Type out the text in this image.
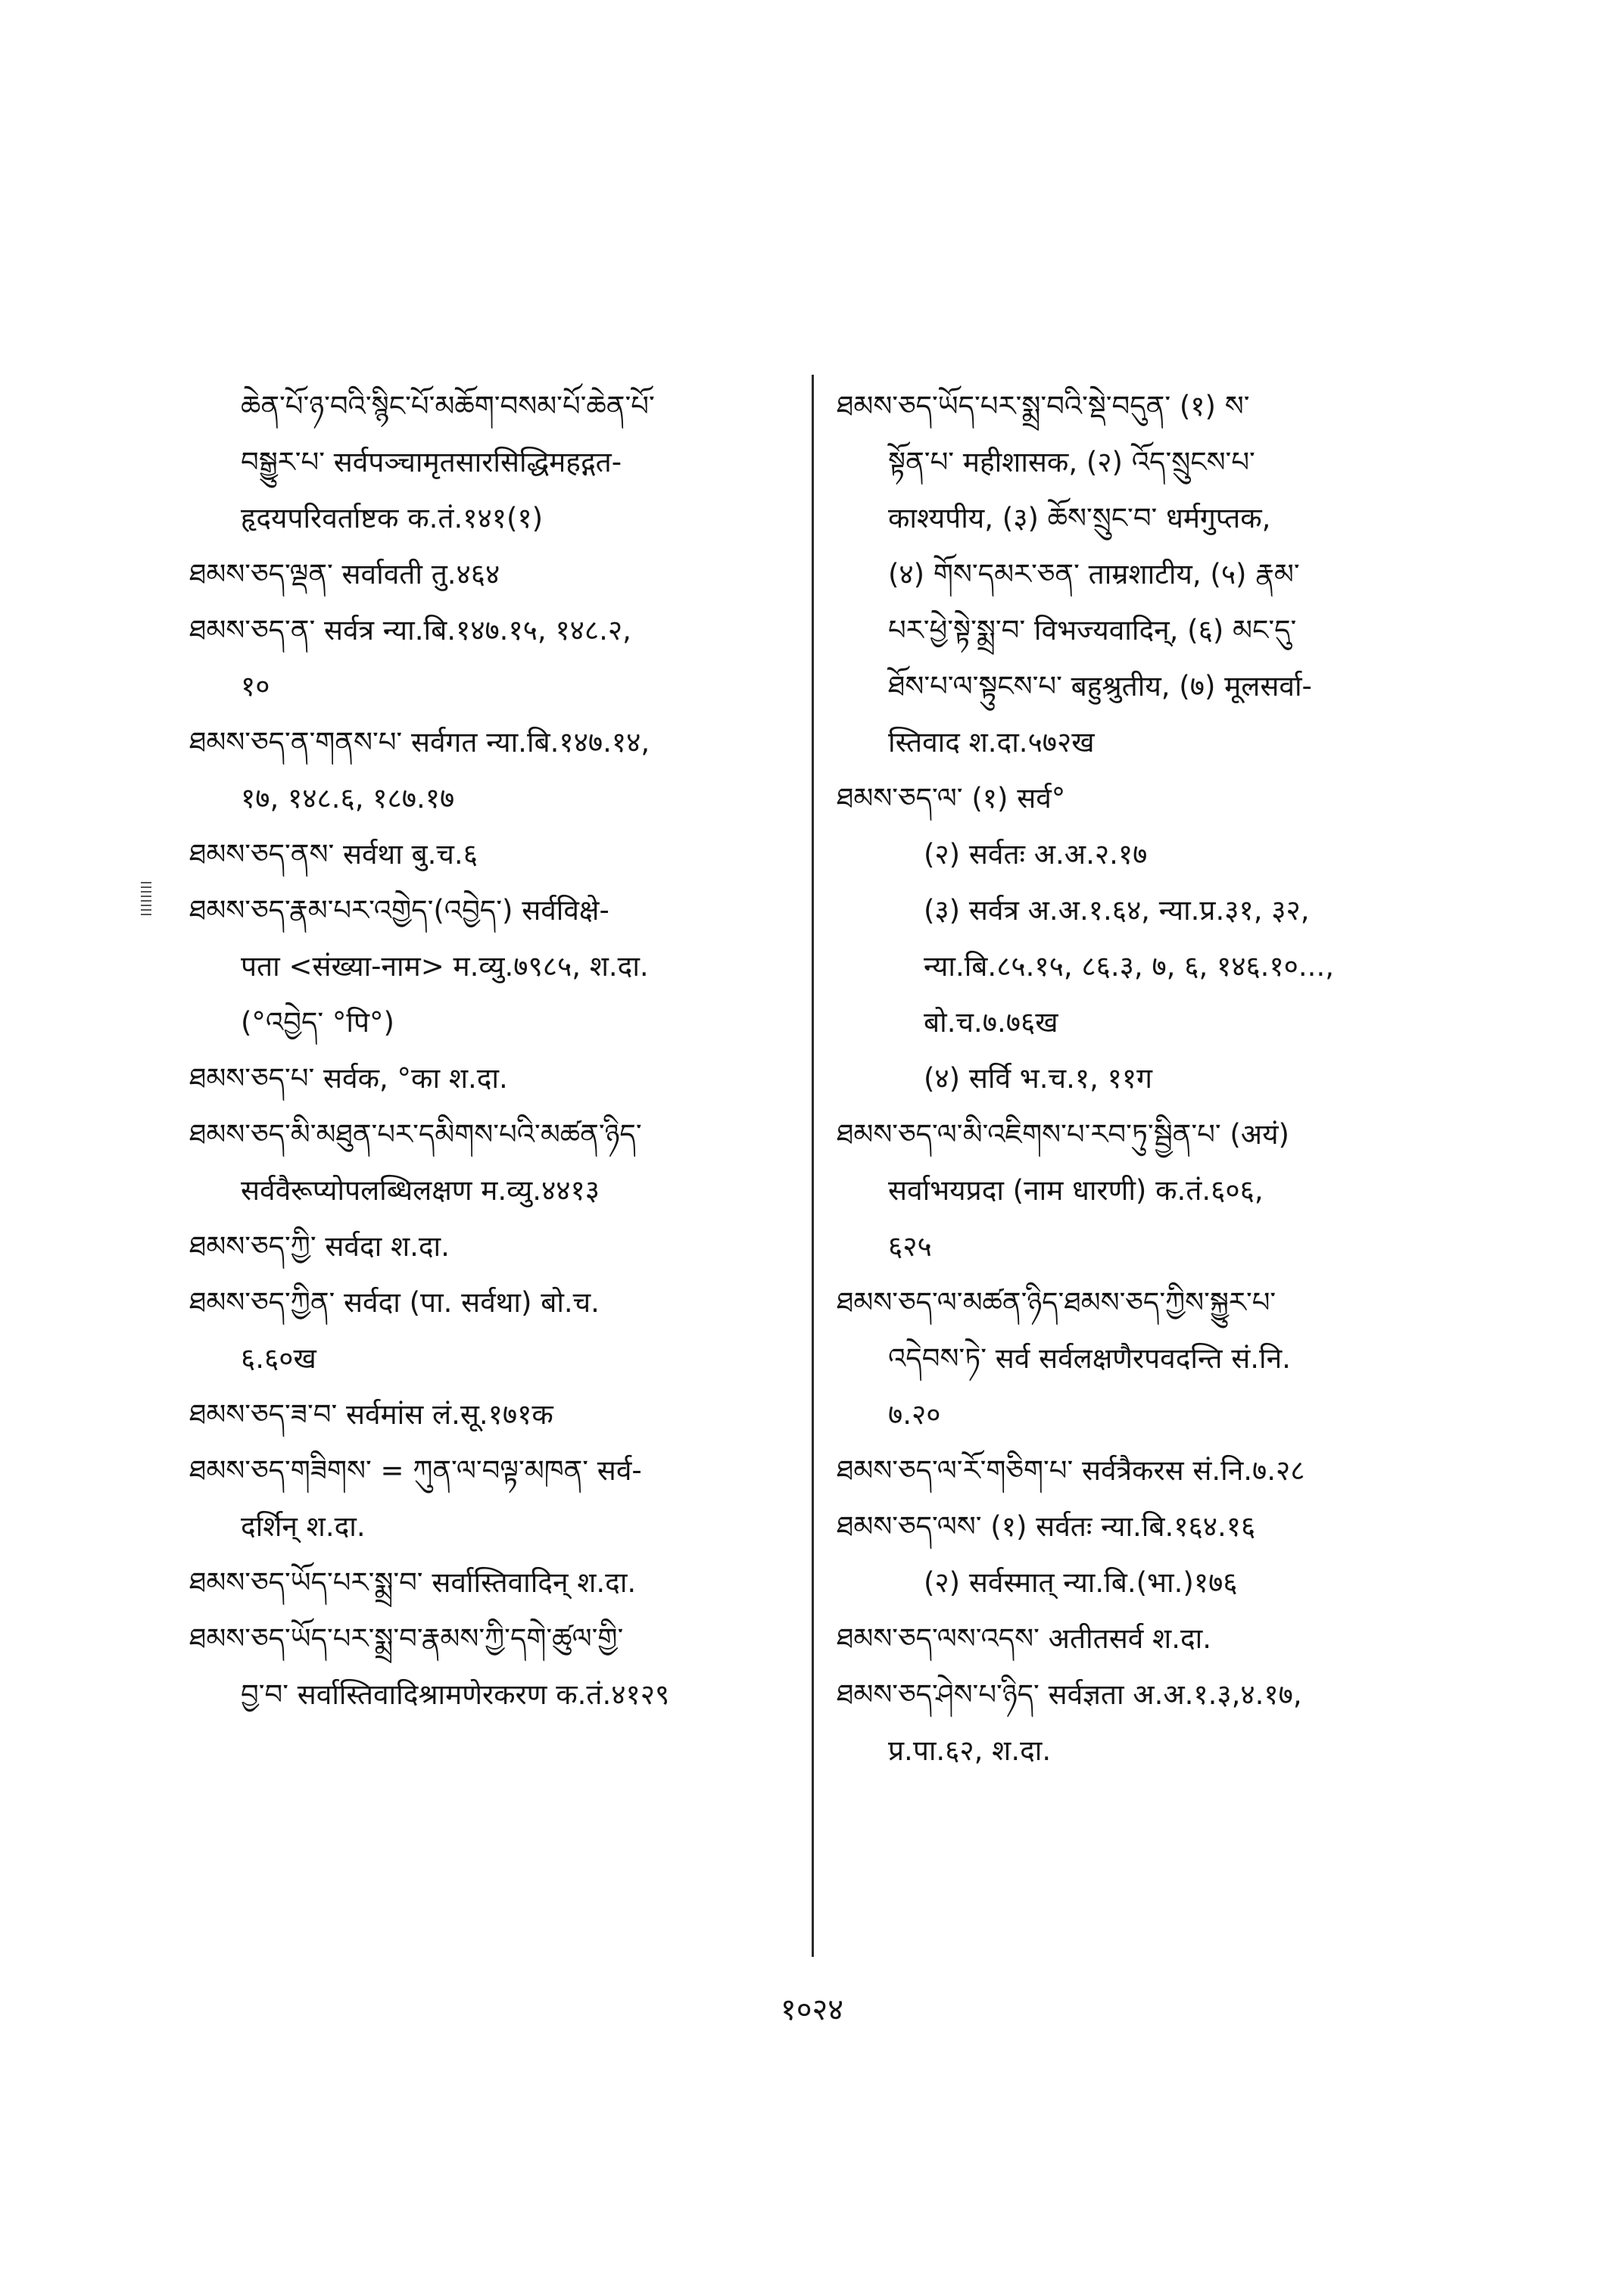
ཆེན་པོ་ཉ་བའི་སྙིང་པོ་མཆོག་བསམ་པོ་ཆེན་པོ་
བསྒྱུར་པ་ सर्वपञ्चामृतसारसिद्धिमहद्गत-
हृदयपरिवर्ताष्टक क.तं.१४१(१)
ཐམས་ཅད་ལྡན་ सर्वावती तु.४६४
ཐམས་ཅད་ན་ सर्वत्र न्या.बि.१४७.१५, १४८.२,
१०
ཐམས་ཅད་ན་གནས་པ་ सर्वगत न्या.बि.१४७.१४,
१७, १४८.६, १८७.१७
ཐམས་ཅད་ནས་ सर्वथा बु.च.६
ཐམས་ཅད་རྣམ་པར་འགྱེད་(འབྱེད་) सर्वविक्षे-
पता <संख्या-नाम> म.व्यु.७९८५, श.दा.
(°འབྱེད་ °पि°)
ཐམས་ཅད་པ་ सर्वक, °का श.दा.
ཐམས་ཅད་མི་མཐུན་པར་དམིགས་པའི་མཚན་ཉིད་
सर्ववैरूप्योपलब्धिलक्षण म.व्यु.४४१३
ཐམས་ཅད་ཀྱི་ सर्वदा श.दा.
ཐམས་ཅད་ཀྱིན་ सर्वदा (पा. सर्वथा) बो.च.
६.६०ख
ཐམས་ཅད་ཟ་བ་ सर्वमांस लं.सू.१७१क
ཐམས་ཅད་གཟིགས་ = ཀུན་ལ་བལྟ་མཁན་ सर्व-
दर्शिन् श.दा.
ཐམས་ཅད་ཡོད་པར་སྨྲ་བ་ सर्वास्तिवादिन् श.दा.
ཐམས་ཅད་ཡོད་པར་སྨྲ་བ་རྣམས་ཀྱི་དགེ་ཚུལ་གྱི་
བྱ་བ་ सर्वास्तिवादिश्रामणेरकरण क.तं.४१२९
ཐམས་ཅད་ཡོད་པར་སྨྲ་བའི་སྡེ་བདུན་ (१) ས་
སྟོན་པ་ महीशासक, (२) འོད་སྲུངས་པ་
काश्यपीय, (३) ཆོས་སྲུང་བ་ धर्मगुप्तक,
(४) གོས་དམར་ཅན་ ताम्रशाटीय, (५) རྣམ་
པར་ཕྱེ་སྟེ་སྨྲ་བ་ विभज्यवादिन्, (६) མང་དུ་
ཐོས་པ་ལ་སྟུངས་པ་ बहुश्रुतीय, (७) मूलसर्वा-
स्तिवाद श.दा.५७२ख
ཐམས་ཅད་ལ་ (१) सर्व°
(२) सर्वतः अ.अ.२.१७
(३) सर्वत्र अ.अ.१.६४, न्या.प्र.३१, ३२,
न्या.बि.८५.१५, ८६.३, ७, ६, १४६.१०...,
बो.च.७.७६ख
(४) सर्वि भ.च.१, ११ग
ཐམས་ཅད་ལ་མི་འཇིགས་པ་རབ་ཏུ་སྦྱིན་པ་ (अयं)
सर्वाभयप्रदा (नाम धारणी) क.तं.६०६,
६२५
ཐམས་ཅད་ལ་མཚན་ཉིད་ཐམས་ཅད་ཀྱིས་སྐྱུར་པ་
འདེབས་ཏེ་ सर्व सर्वलक्षणैरपवदन्ति सं.नि.
७.२०
ཐམས་ཅད་ལ་རོ་གཅིག་པ་ सर्वत्रैकरस सं.नि.७.२८
ཐམས་ཅད་ལས་ (१) सर्वतः न्या.बि.१६४.१६
(२) सर्वस्मात् न्या.बि.(भा.)१७६
ཐམས་ཅད་ལས་འདས་ अतीतसर्व श.दा.
ཐམས་ཅད་ཤེས་པ་ཉིད་ सर्वज्ञता अ.अ.१.३,४.१७,
प्र.पा.६२, श.दा.
१०२४
